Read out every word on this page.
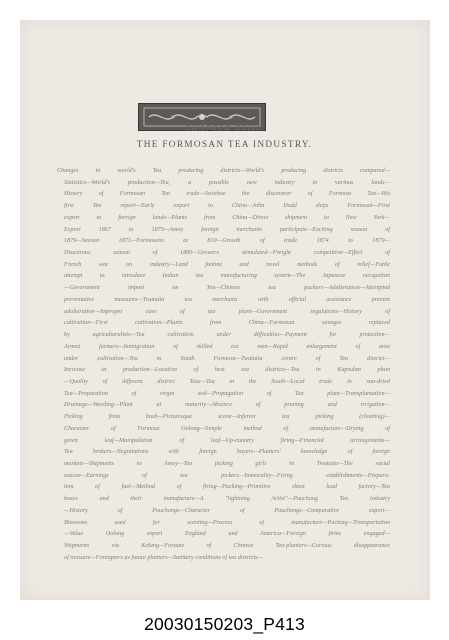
CHAPTER XXIII.
THE FORMOSAN TEA INDUSTRY.
Changes in world's Tea producing districts—World's producing districts compared—
Statistics—World's production—Tea, a possible new industry in various lands—
History of Formosan Tea trade—Swinhoe the discoverer of Formosa Tea—His
first Tea report—Early export to China—John Dodd ships Formosan—First
export to foreign lands—Plants from China—Direct shipment to New York—
Export 1867 to 1870—Amoy foreign merchants participate—Exciting season of
1879—Season 1873—Formosans at 810—Growth of trade 1874 to 1879—
Disastrous season of 1880—Growers stimulated—Freight competition—Effect of
French war on industry—Land famine and novel methods of relief—Futile
attempt to introduce Indian tea manufacturing system—The Japanese occupation
—Government impost on Tea—Chinese tea packers—Adulteration—Attempted
preventative measures—Twatutia tea merchants with official assistance prevent
adulteration—Improper care of tea plant—Government regulations—History of
cultivation—First cultivation—Plants from China—Formosan savages replaced
by agriculturalists—Tea cultivation under difficulties—Payment for protection—
Armed farmers—Immigration of skilled tea men—Rapid enlargement of area
under cultivation—Tea in South Formosa—Twatutia centre of Tea district—
Increase in production—Location of best tea districts—Tea in Kapsulan plain
—Quality of different district Teas—Tea in the South—Local trade in sun-dried
Tea—Preparation of virgin soil—Propagation of Tea plant—Transplantation—
Drainage—Weeding—Plant at maturity—Absence of pruning and irrigation—
Picking from bush—Picturesque scene—Inferior tea picking (cleaning)—
Character of Formosa Oolong—Simple method of manufacture—Drying of
green leaf—Manipulation of leaf—Up-country firing—Financial arrangements—
Tea brokers—Negotiations with foreign buyers—Planters' knowledge of foreign
markets—Shipments to Amoy—Tea picking girls in Twatutia—The social
season—Earnings of tea pickers—Immorality—Firing establishments—Prepara-
tion of fuel—Method of firing—Packing—Primitive sheet lead factory—Tea
boxes and their manufacture—A "lightning Artist"—Pouchong Tea industry
—History of Pouchongs—Character of Pouchongs—Comparative export—
Blossoms used for scenting—Process of manufacture—Packing—Transportation
—Value Oolong export England and America—Foreign firms engaged—
Shipments via Kelung—Fortune of Chinese Tea-planters—Curious disappearance
of treasure—Foreigners as future planters—Sanitary conditions of tea districts—
20030150203_P413
